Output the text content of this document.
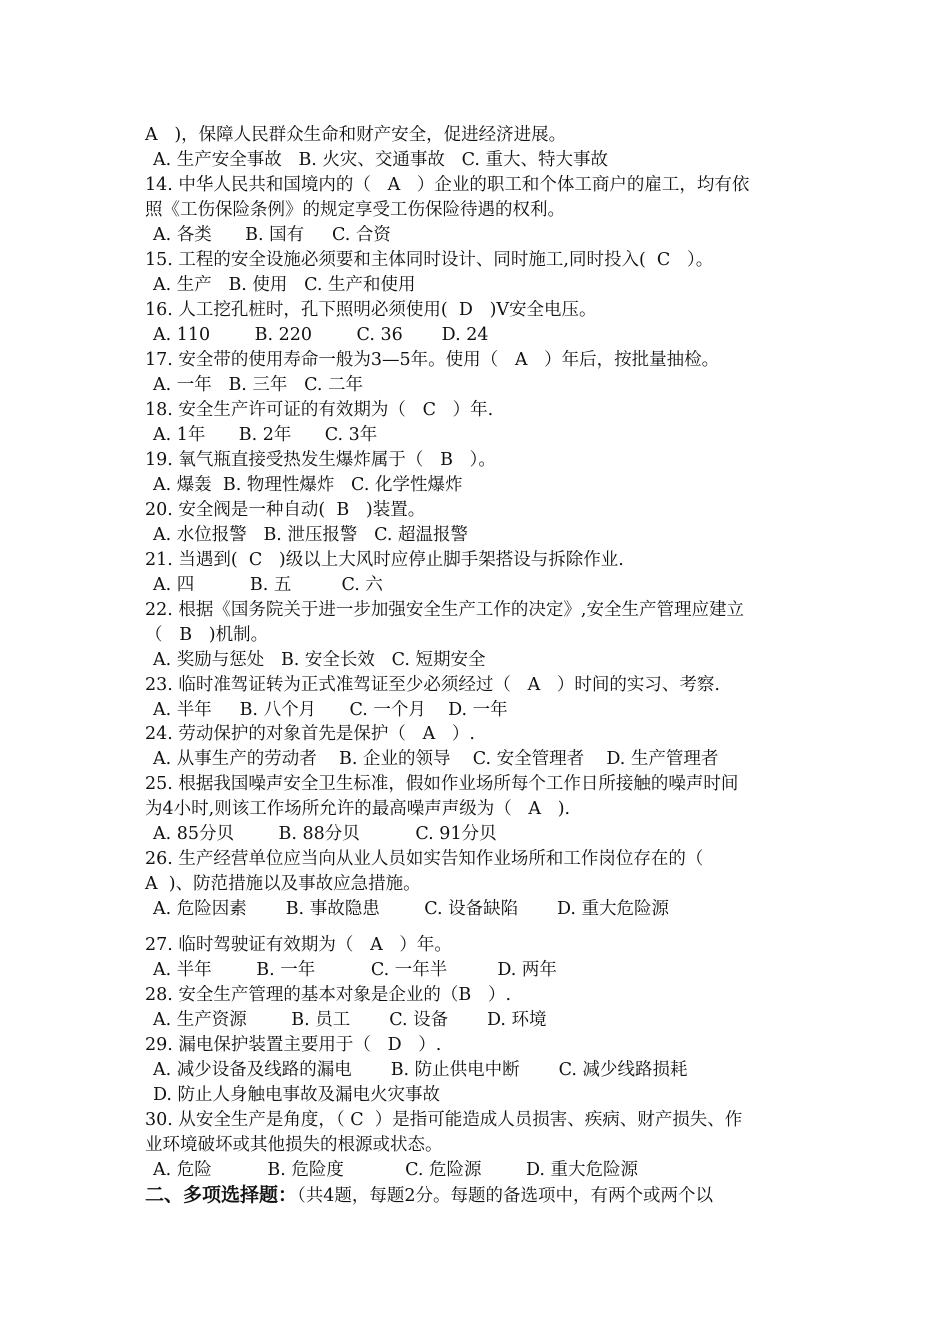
A   )，保障人民群众生命和财产安全，促进经济进展。
A. 生产安全事故   B. 火灾、交通事故   C. 重大、特大事故
14. 中华人民共和国境内的（   A   ）企业的职工和个体工商户的雇工，均有依
照《工伤保险条例》的规定享受工伤保险待遇的权利。
A. 各类      B. 国有     C. 合资
15. 工程的安全设施必须要和主体同时设计、同时施工,同时投入(  C   ）。
A. 生产   B. 使用   C. 生产和使用
16. 人工挖孔桩时，孔下照明必须使用(  D   )V安全电压。
A. 110        B. 220        C. 36       D. 24
17. 安全带的使用寿命一般为3—5年。使用（   A   ）年后，按批量抽检。
A. 一年   B. 三年   C. 二年
18. 安全生产许可证的有效期为（   C   ）年.
A. 1年      B. 2年      C. 3年
19. 氧气瓶直接受热发生爆炸属于（   B   ）。
A. 爆轰  B. 物理性爆炸   C. 化学性爆炸
20. 安全阀是一种自动(  B   )装置。
A. 水位报警   B. 泄压报警   C. 超温报警
21. 当遇到(  C   )级以上大风时应停止脚手架搭设与拆除作业.
A. 四          B. 五         C. 六
22. 根据《国务院关于进一步加强安全生产工作的决定》,安全生产管理应建立
（   B   )机制。
A. 奖励与惩处   B. 安全长效   C. 短期安全
23. 临时准驾证转为正式准驾证至少必须经过（   A   ）时间的实习、考察.
A. 半年     B. 八个月      C. 一个月    D. 一年
24. 劳动保护的对象首先是保护（   A   ）.
A. 从事生产的劳动者    B. 企业的领导    C. 安全管理者    D. 生产管理者
25. 根据我国噪声安全卫生标准，假如作业场所每个工作日所接触的噪声时间
为4小时,则该工作场所允许的最高噪声声级为（   A   ).
A. 85分贝        B. 88分贝          C. 91分贝
26. 生产经营单位应当向从业人员如实告知作业场所和工作岗位存在的（
A  )、防范措施以及事故应急措施。
A. 危险因素       B. 事故隐患        C. 设备缺陷       D. 重大危险源
27. 临时驾驶证有效期为（   A   ）年。
A. 半年        B. 一年          C. 一年半         D. 两年
28. 安全生产管理的基本对象是企业的（B   ）.
A. 生产资源        B. 员工       C. 设备       D. 环境
29. 漏电保护装置主要用于（   D   ）.
A. 减少设备及线路的漏电       B. 防止供电中断       C. 减少线路损耗
D. 防止人身触电事故及漏电火灾事故
30. 从安全生产是角度，（ C  ）是指可能造成人员损害、疾病、财产损失、作
业环境破坏或其他损失的根源或状态。
A. 危险          B. 危险度           C. 危险源        D. 重大危险源
二、多项选择题：（共4题，每题2分。每题的备选项中，有两个或两个以
